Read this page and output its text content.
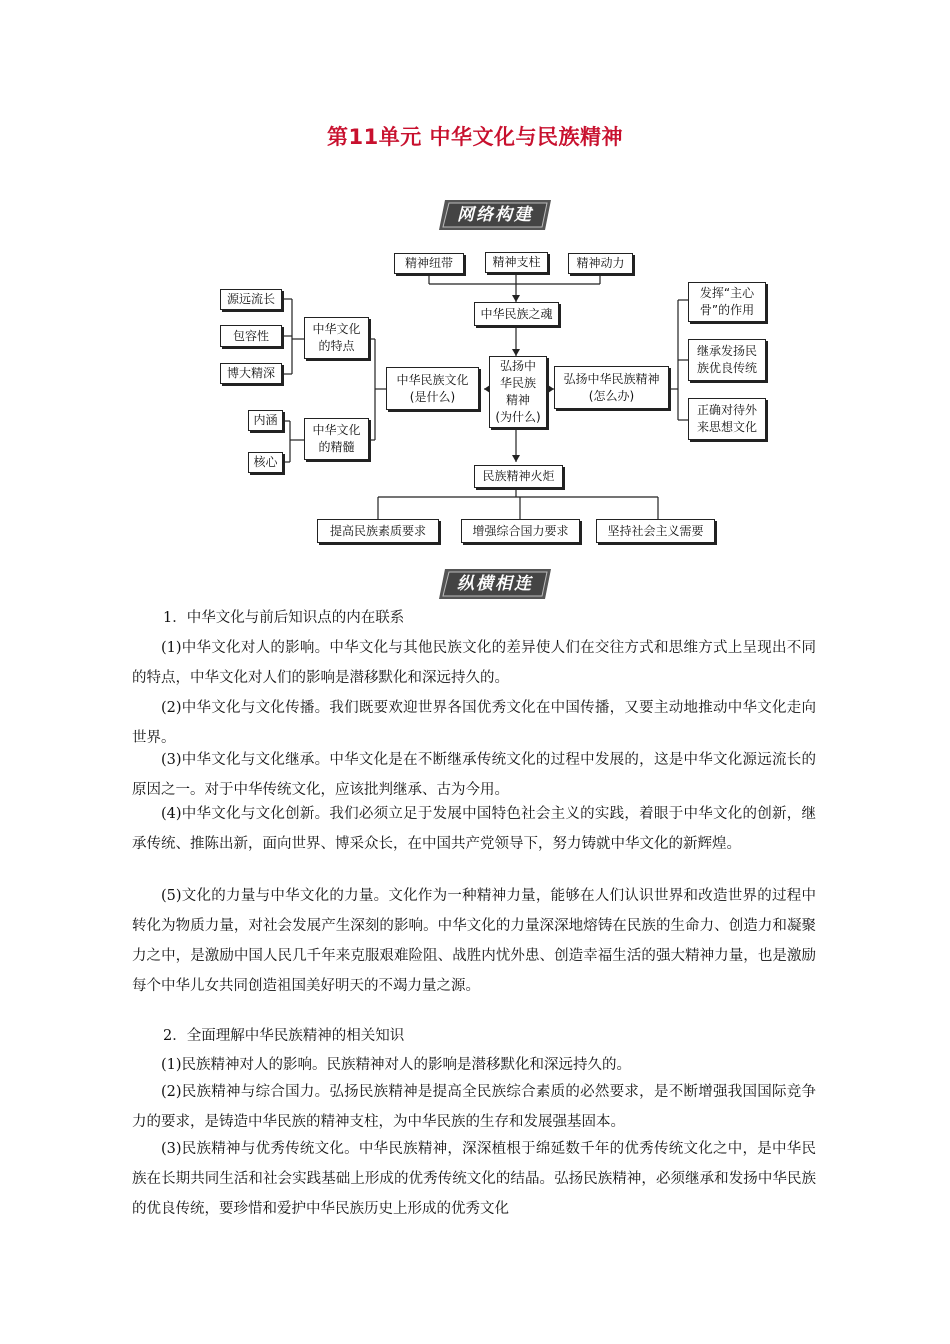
第11单元 中华文化与民族精神
网络构建
精神纽带	精神支柱	精神动力
中华民族之魂
弘扬中
华民族
精神
(为什么)
中华民族文化
(是什么)
弘扬中华民族精神
(怎么办)
中华文化
的特点
源远流长
包容性
博大精深
中华文化
的精髓
内涵
核心
发挥“主心
骨”的作用
继承发扬民
族优良传统
正确对待外
来思想文化
民族精神火炬
提高民族素质要求	增强综合国力要求	坚持社会主义需要
纵横相连

1．中华文化与前后知识点的内在联系

(1)中华文化对人的影响。中华文化与其他民族文化的差异使人们在交往方式和思维方式上呈现出不同的特点，中华文化对人们的影响是潜移默化和深远持久的。

(2)中华文化与文化传播。我们既要欢迎世界各国优秀文化在中国传播，又要主动地推动中华文化走向世界。

(3)中华文化与文化继承。中华文化是在不断继承传统文化的过程中发展的，这是中华文化源远流长的原因之一。对于中华传统文化，应该批判继承、古为今用。

(4)中华文化与文化创新。我们必须立足于发展中国特色社会主义的实践，着眼于中华文化的创新，继承传统、推陈出新，面向世界、博采众长，在中国共产党领导下，努力铸就中华文化的新辉煌。

(5)文化的力量与中华文化的力量。文化作为一种精神力量，能够在人们认识世界和改造世界的过程中转化为物质力量，对社会发展产生深刻的影响。中华文化的力量深深地熔铸在民族的生命力、创造力和凝聚力之中，是激励中国人民几千年来克服艰难险阻、战胜内忧外患、创造幸福生活的强大精神力量，也是激励每个中华儿女共同创造祖国美好明天的不竭力量之源。

2．全面理解中华民族精神的相关知识

(1)民族精神对人的影响。民族精神对人的影响是潜移默化和深远持久的。

(2)民族精神与综合国力。弘扬民族精神是提高全民族综合素质的必然要求，是不断增强我国国际竞争力的要求，是铸造中华民族的精神支柱，为中华民族的生存和发展强基固本。

(3)民族精神与优秀传统文化。中华民族精神，深深植根于绵延数千年的优秀传统文化之中，是中华民族在长期共同生活和社会实践基础上形成的优秀传统文化的结晶。弘扬民族精神，必须继承和发扬中华民族的优良传统，要珍惜和爱护中华民族历史上形成的优秀文化
